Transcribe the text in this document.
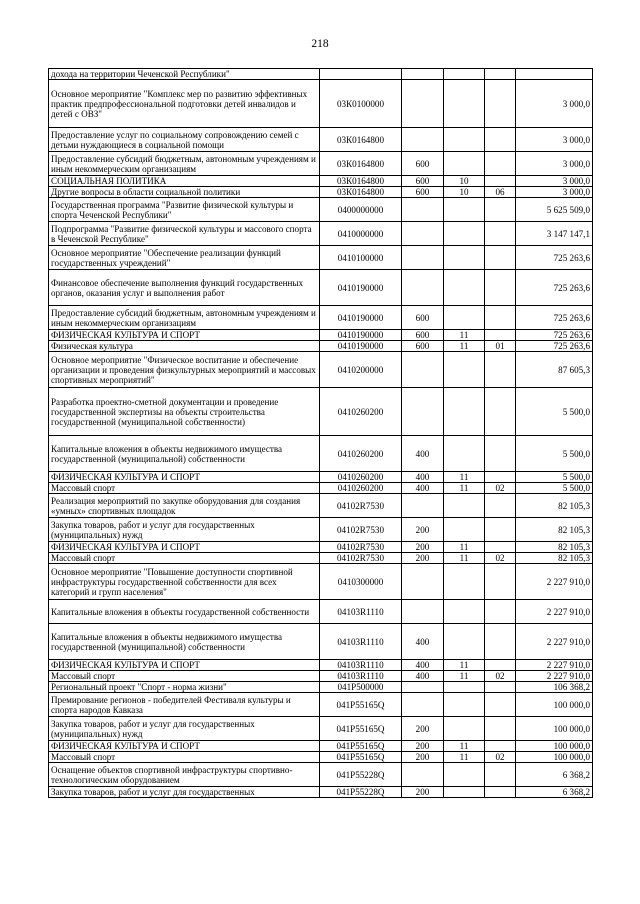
218
дохода на территории Чеченской Республики"					
Основное мероприятие "Комплекс мер по развитию эффективных практик предпрофессиональной подготовки детей инвалидов и детей с ОВЗ"	03К0100000				3 000,0
Предоставление услуг по социальному сопровождению семей с детьми нуждающиеся в социальной помощи	03К0164800				3 000,0
Предоставление субсидий бюджетным, автономным учреждениям и иным некоммерческим организациям	03К0164800	600			3 000,0
СОЦИАЛЬНАЯ ПОЛИТИКА	03К0164800	600	10		3 000,0
Другие вопросы в области социальной политики	03К0164800	600	10	06	3 000,0
Государственная программа "Развитие физической культуры и спорта Чеченской Республики"	0400000000				5 625 509,0
Подпрограмма "Развитие физической культуры и массового спорта в Чеченской Республике"	0410000000				3 147 147,1
Основное мероприятие "Обеспечение реализации функций государственных учреждений"	0410100000				725 263,6
Финансовое обеспечение выполнения функций государственных органов, оказания услуг и выполнения работ	0410190000				725 263,6
Предоставление субсидий бюджетным, автономным учреждениям и иным некоммерческим организациям	0410190000	600			725 263,6
ФИЗИЧЕСКАЯ КУЛЬТУРА И СПОРТ	0410190000	600	11		725 263,6
Физическая культура	0410190000	600	11	01	725 263,6
Основное мероприятие "Физическое воспитание и обеспечение организации и проведения физкультурных мероприятий и массовых спортивных мероприятий"	0410200000				87 605,3
Разработка проектно-сметной документации и проведение государственной экспертизы на объекты строительства государственной (муниципальной собственности)	0410260200				5 500,0
Капитальные вложения в объекты недвижимого имущества государственной (муниципальной) собственности	0410260200	400			5 500,0
ФИЗИЧЕСКАЯ КУЛЬТУРА И СПОРТ	0410260200	400	11		5 500,0
Массовый спорт	0410260200	400	11	02	5 500,0
Реализация мероприятий по закупке оборудования для создания «умных» спортивных площадок	04102R7530				82 105,3
Закупка товаров, работ и услуг для государственных (муниципальных) нужд	04102R7530	200			82 105,3
ФИЗИЧЕСКАЯ КУЛЬТУРА И СПОРТ	04102R7530	200	11		82 105,3
Массовый спорт	04102R7530	200	11	02	82 105,3
Основное мероприятие "Повышение доступности спортивной инфраструктуры государственной собственности для всех категорий и групп населения"	0410300000				2 227 910,0
Капитальные вложения в объекты государственной собственности	04103R1110				2 227 910,0
Капитальные вложения в объекты недвижимого имущества государственной (муниципальной) собственности	04103R1110	400			2 227 910,0
ФИЗИЧЕСКАЯ КУЛЬТУРА И СПОРТ	04103R1110	400	11		2 227 910,0
Массовый спорт	04103R1110	400	11	02	2 227 910,0
Региональный проект "Спорт - норма жизни"	041P500000				106 368,2
Премирование регионов - победителей Фестиваля культуры и спорта народов Кавказа	041P55165Q				100 000,0
Закупка товаров, работ и услуг для государственных (муниципальных) нужд	041P55165Q	200			100 000,0
ФИЗИЧЕСКАЯ КУЛЬТУРА И СПОРТ	041P55165Q	200	11		100 000,0
Массовый спорт	041P55165Q	200	11	02	100 000,0
Оснащение объектов спортивной инфраструктуры спортивно-технологическим оборудованием	041P55228Q				6 368,2
Закупка товаров, работ и услуг для государственных	041P55228Q	200			6 368,2
